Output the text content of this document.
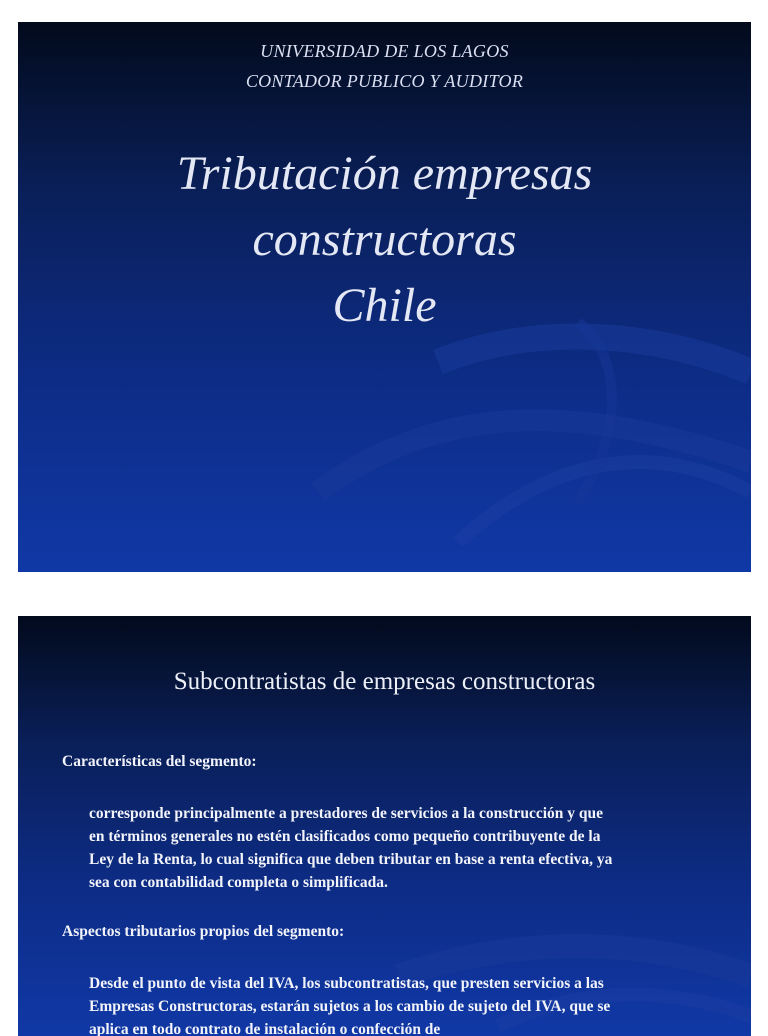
UNIVERSIDAD DE LOS LAGOS
CONTADOR PUBLICO Y AUDITOR
Tributación empresas
constructoras
Chile
Subcontratistas de empresas constructoras
Características del segmento:
corresponde principalmente a prestadores de servicios a la construcción y que
en términos generales no estén clasificados como pequeño contribuyente de la
Ley de la Renta, lo cual significa que deben tributar en base a renta efectiva, ya
sea con contabilidad completa o simplificada.
Aspectos tributarios propios del segmento:
Desde el punto de vista del IVA, los subcontratistas, que presten servicios a las
Empresas Constructoras, estarán sujetos a los cambio de sujeto del IVA, que se
aplica en todo contrato de instalación o confección de
